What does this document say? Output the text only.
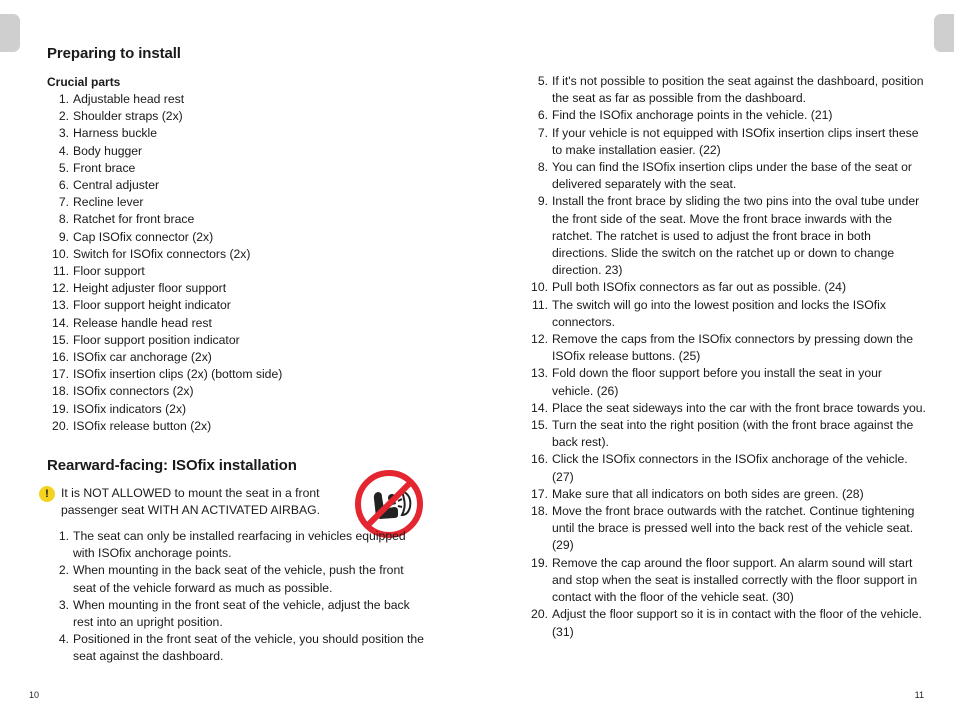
Preparing to install
Crucial parts
1. Adjustable head rest
2. Shoulder straps (2x)
3. Harness buckle
4. Body hugger
5. Front brace
6. Central adjuster
7. Recline lever
8. Ratchet for front brace
9. Cap ISOfix connector (2x)
10. Switch for ISOfix connectors (2x)
11. Floor support
12. Height adjuster floor support
13. Floor support height indicator
14. Release handle head rest
15. Floor support position indicator
16. ISOfix car anchorage (2x)
17. ISOfix insertion clips (2x) (bottom side)
18. ISOfix connectors (2x)
19. ISOfix indicators (2x)
20. ISOfix release button (2x)
Rearward-facing: ISOfix installation
! It is NOT ALLOWED to mount the seat in a front passenger seat WITH AN ACTIVATED AIRBAG.
1. The seat can only be installed rearfacing in vehicles equipped with ISOfix anchorage points.
2. When mounting in the back seat of the vehicle, push the front seat of the vehicle forward as much as possible.
3. When mounting in the front seat of the vehicle, adjust the back rest into an upright position.
4. Positioned in the front seat of the vehicle, you should position the seat against the dashboard.
5. If it's not possible to position the seat against the dashboard, position the seat as far as possible from the dashboard.
6. Find the ISOfix anchorage points in the vehicle. (21)
7. If your vehicle is not equipped with ISOfix insertion clips insert these to make installation easier. (22)
8. You can find the ISOfix insertion clips under the base of the seat or delivered separately with the seat.
9. Install the front brace by sliding the two pins into the oval tube under the front side of the seat. Move the front brace inwards with the ratchet. The ratchet is used to adjust the front brace in both directions. Slide the switch on the ratchet up or down to change direction. 23)
10. Pull both ISOfix connectors as far out as possible. (24)
11. The switch will go into the lowest position and locks the ISOfix connectors.
12. Remove the caps from the ISOfix connectors by pressing down the ISOfix release buttons. (25)
13. Fold down the floor support before you install the seat in your vehicle. (26)
14. Place the seat sideways into the car with the front brace towards you.
15. Turn the seat into the right position (with the front brace against the back rest).
16. Click the ISOfix connectors in the ISOfix anchorage of the vehicle. (27)
17. Make sure that all indicators on both sides are green. (28)
18. Move the front brace outwards with the ratchet. Continue tightening until the brace is pressed well into the back rest of the vehicle seat. (29)
19. Remove the cap around the floor support. An alarm sound will start and stop when the seat is installed correctly with the floor support in contact with the floor of the vehicle seat. (30)
20. Adjust the floor support so it is in contact with the floor of the vehicle. (31)
10	11
